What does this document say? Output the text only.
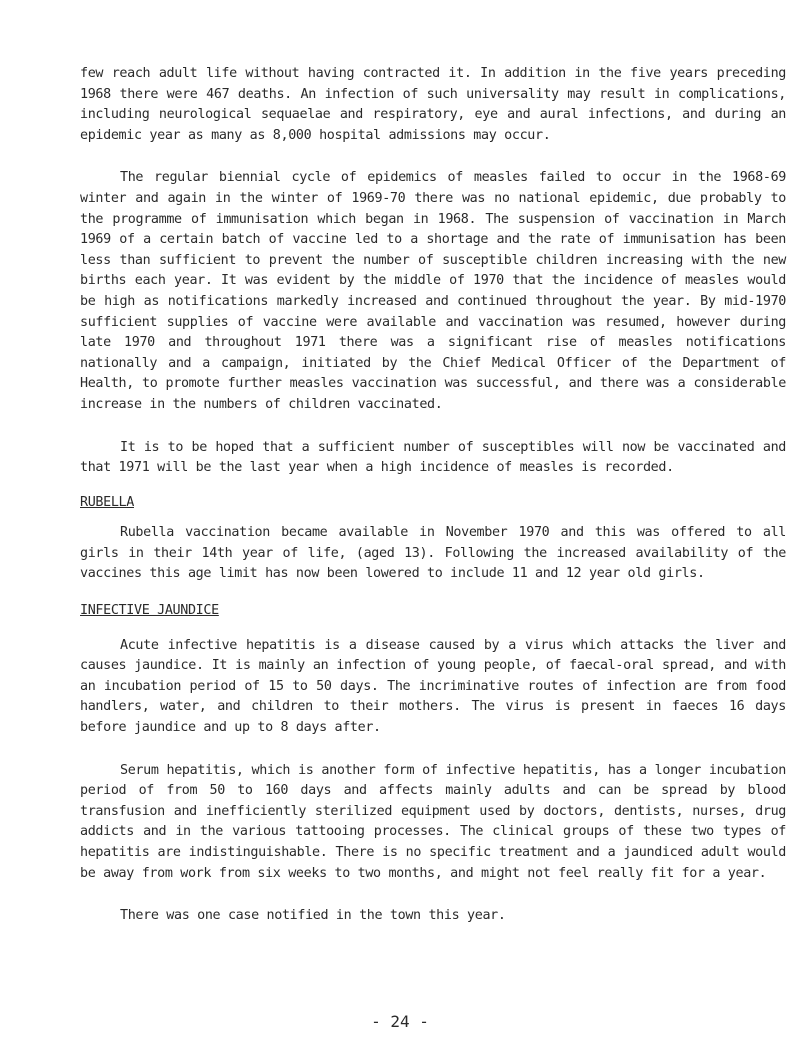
few reach adult life without having contracted it. In addition in the five years preceding 1968 there were 467 deaths. An infection of such universality may result in complications, including neurological sequaelae and respiratory, eye and aural infections, and during an epidemic year as many as 8,000 hospital admissions may occur.

The regular biennial cycle of epidemics of measles failed to occur in the 1968-69 winter and again in the winter of 1969-70 there was no national epidemic, due probably to the programme of immunisation which began in 1968. The suspension of vaccination in March 1969 of a certain batch of vaccine led to a shortage and the rate of immunisation has been less than sufficient to prevent the number of susceptible children increasing with the new births each year. It was evident by the middle of 1970 that the incidence of measles would be high as notifications markedly increased and continued throughout the year. By mid-1970 sufficient supplies of vaccine were available and vaccination was resumed, however during late 1970 and throughout 1971 there was a significant rise of measles notifications nationally and a campaign, initiated by the Chief Medical Officer of the Department of Health, to promote further measles vaccination was successful, and there was a considerable increase in the numbers of children vaccinated.

It is to be hoped that a sufficient number of susceptibles will now be vaccinated and that 1971 will be the last year when a high incidence of measles is recorded.

RUBELLA

Rubella vaccination became available in November 1970 and this was offered to all girls in their 14th year of life, (aged 13). Following the increased availability of the vaccines this age limit has now been lowered to include 11 and 12 year old girls.

INFECTIVE JAUNDICE

Acute infective hepatitis is a disease caused by a virus which attacks the liver and causes jaundice. It is mainly an infection of young people, of faecal-oral spread, and with an incubation period of 15 to 50 days. The incriminative routes of infection are from food handlers, water, and children to their mothers. The virus is present in faeces 16 days before jaundice and up to 8 days after.

Serum hepatitis, which is another form of infective hepatitis, has a longer incubation period of from 50 to 160 days and affects mainly adults and can be spread by blood transfusion and inefficiently sterilized equipment used by doctors, dentists, nurses, drug addicts and in the various tattooing processes. The clinical groups of these two types of hepatitis are indistinguishable. There is no specific treatment and a jaundiced adult would be away from work from six weeks to two months, and might not feel really fit for a year.

There was one case notified in the town this year.

- 24 -
